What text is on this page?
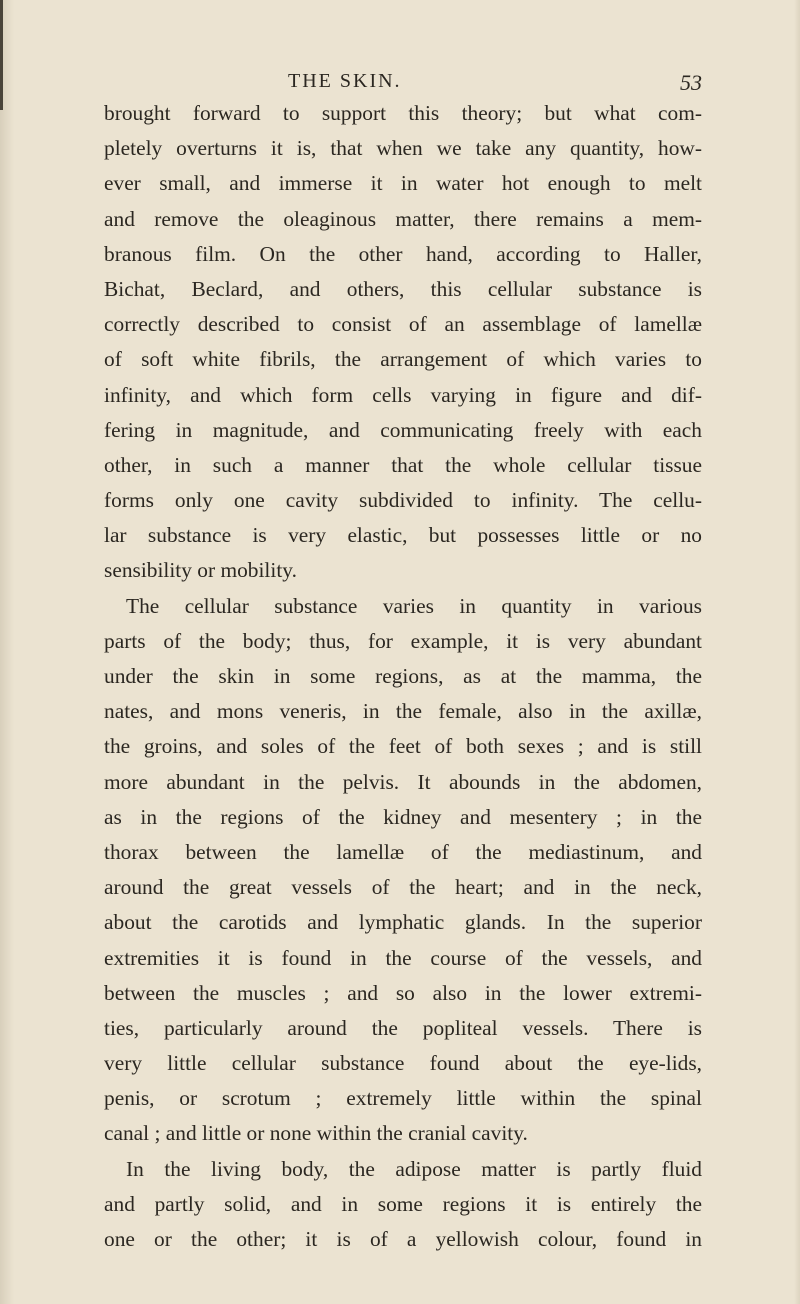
THE SKIN.	53
brought forward to support this theory; but what com-
pletely overturns it is, that when we take any quantity, how-
ever small, and immerse it in water hot enough to melt
and remove the oleaginous matter, there remains a mem-
branous film. On the other hand, according to Haller,
Bichat, Beclard, and others, this cellular substance is
correctly described to consist of an assemblage of lamellæ
of soft white fibrils, the arrangement of which varies to
infinity, and which form cells varying in figure and dif-
fering in magnitude, and communicating freely with each
other, in such a manner that the whole cellular tissue
forms only one cavity subdivided to infinity. The cellu-
lar substance is very elastic, but possesses little or no
sensibility or mobility.
The cellular substance varies in quantity in various
parts of the body; thus, for example, it is very abundant
under the skin in some regions, as at the mamma, the
nates, and mons veneris, in the female, also in the axillæ,
the groins, and soles of the feet of both sexes ; and is still
more abundant in the pelvis. It abounds in the abdomen,
as in the regions of the kidney and mesentery ; in the
thorax between the lamellæ of the mediastinum, and
around the great vessels of the heart; and in the neck,
about the carotids and lymphatic glands. In the superior
extremities it is found in the course of the vessels, and
between the muscles ; and so also in the lower extremi-
ties, particularly around the popliteal vessels. There is
very little cellular substance found about the eye-lids,
penis, or scrotum ; extremely little within the spinal
canal ; and little or none within the cranial cavity.
In the living body, the adipose matter is partly fluid
and partly solid, and in some regions it is entirely the
one or the other; it is of a yellowish colour, found in
